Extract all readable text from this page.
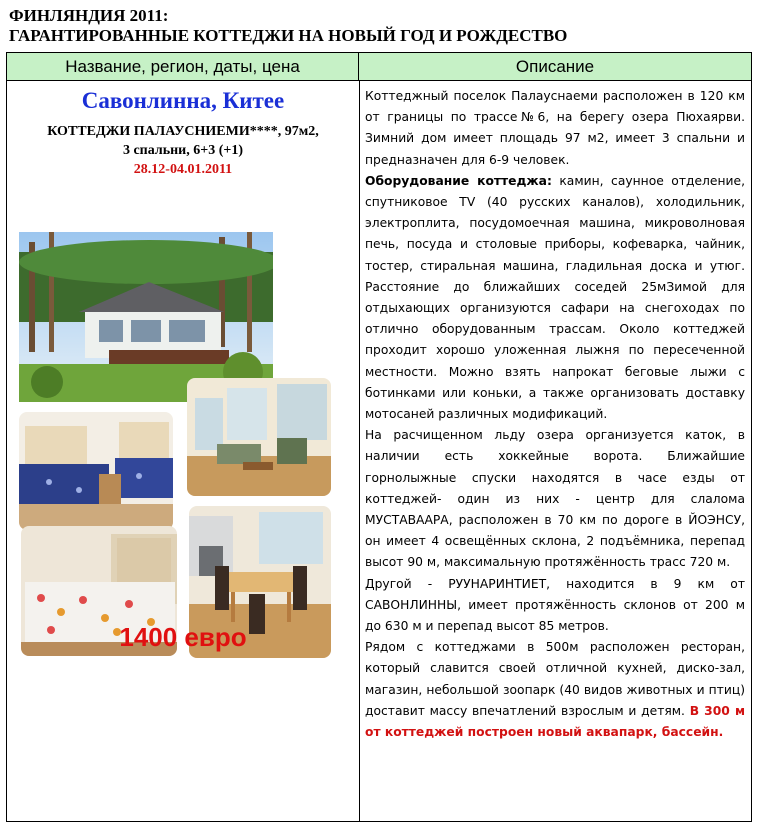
ФИНЛЯНДИЯ 2011:
ГАРАНТИРОВАННЫЕ КОТТЕДЖИ НА НОВЫЙ ГОД И РОЖДЕСТВО
Название, регион, даты, цена	Описание
Савонлинна, Китее
КОТТЕДЖИ ПАЛАУСНИЕМИ****, 97м2,
3 спальни, 6+3 (+1)
28.12-04.01.2011
1400 евро

Коттеджный поселок Палауснаеми расположен в 120 км от границы по трассе№6, на берегу озера Пюхаярви. Зимний дом имеет площадь 97 м2, имеет 3 спальни и предназначен для 6-9 человек.

Оборудование коттеджа: камин, саунное отделение, спутниковое TV (40 русских каналов), холодильник, электроплита, посудомоечная машина, микроволновая печь, посуда и столовые приборы, кофеварка, чайник, тостер, стиральная машина, гладильная доска и утюг. Расстояние до ближайших соседей 25мЗимой для отдыхающих организуются сафари на снегоходах по отлично оборудованным трассам. Около коттеджей проходит хорошо уложенная лыжня по пересеченной местности. Можно взять напрокат беговые лыжи с ботинками или коньки, а также организовать доставку мотосаней различных модификаций.

На расчищенном льду озера организуется каток, в наличии есть хоккейные ворота. Ближайшие горнолыжные спуски находятся в часе езды от коттеджей- один из них - центр для слалома МУСТАВААРА, расположен в 70 км по дороге в ЙОЭНСУ, он имеет 4 освещённых склона, 2 подъёмника, перепад высот 90 м, максимальную протяжённость трасс 720 м.

Другой - РУУНАРИНТИЕТ, находится в 9 км от САВОНЛИННЫ, имеет протяжённость склонов от 200 м до 630 м и перепад высот 85 метров.

Рядом с коттеджами в 500м расположен ресторан, который славится своей отличной кухней, диско-зал, магазин, небольшой зоопарк (40 видов животных и птиц) доставит массу впечатлений взрослым и детям. В 300 м от коттеджей построен новый аквапарк, бассейн.
